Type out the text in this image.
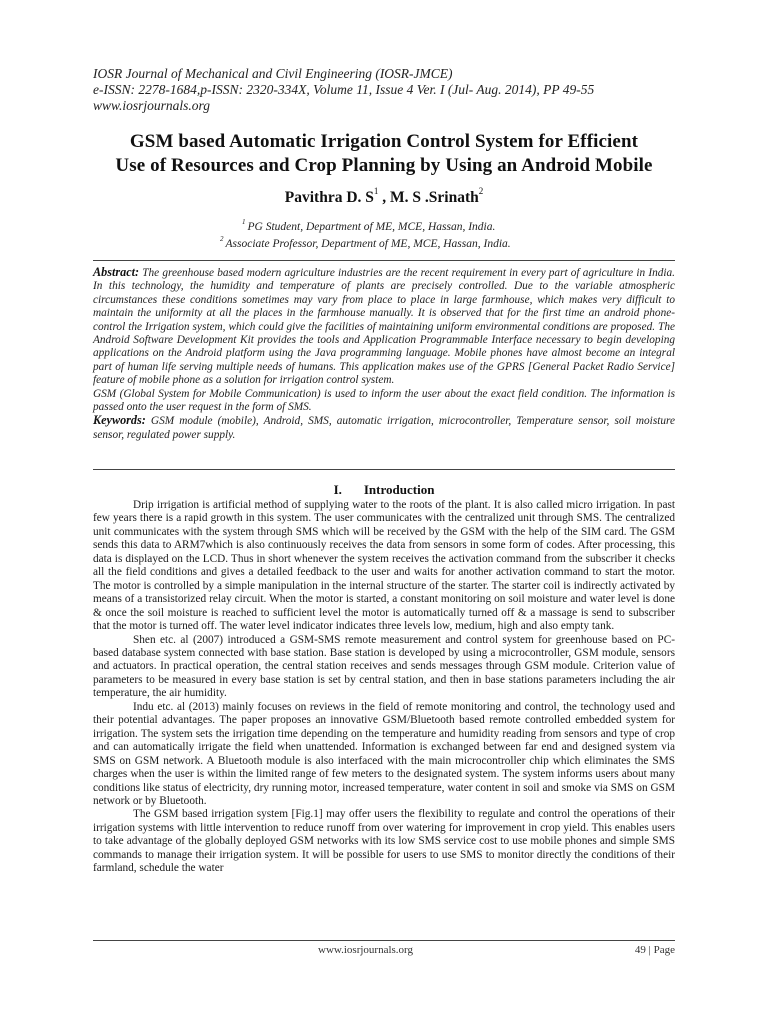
IOSR Journal of Mechanical and Civil Engineering (IOSR-JMCE)
e-ISSN: 2278-1684,p-ISSN: 2320-334X, Volume 11, Issue 4 Ver. I (Jul- Aug. 2014), PP 49-55
www.iosrjournals.org
GSM based Automatic Irrigation Control System for Efficient
Use of Resources and Crop Planning by Using an Android Mobile
Pavithra D. $S^1$ , M. S .Srinath$^2$
$^1$ PG Student, Department of ME, MCE, Hassan, India.
$^2$ Associate Professor, Department of ME, MCE, Hassan, India.

Abstract: The greenhouse based modern agriculture industries are the recent requirement in every part of agriculture in India. In this technology, the humidity and temperature of plants are precisely controlled. Due to the variable atmospheric circumstances these conditions sometimes may vary from place to place in large farmhouse, which makes very difficult to maintain the uniformity at all the places in the farmhouse manually. It is observed that for the first time an android phone-control the Irrigation system, which could give the facilities of maintaining uniform environmental conditions are proposed. The Android Software Development Kit provides the tools and Application Programmable Interface necessary to begin developing applications on the Android platform using the Java programming language. Mobile phones have almost become an integral part of human life serving multiple needs of humans. This application makes use of the GPRS [General Packet Radio Service] feature of mobile phone as a solution for irrigation control system.

GSM (Global System for Mobile Communication) is used to inform the user about the exact field condition. The information is passed onto the user request in the form of SMS.

Keywords: GSM module (mobile), Android, SMS, automatic irrigation, microcontroller, Temperature sensor, soil moisture sensor, regulated power supply.

I. Introduction

Drip irrigation is artificial method of supplying water to the roots of the plant. It is also called micro irrigation. In past few years there is a rapid growth in this system. The user communicates with the centralized unit through SMS. The centralized unit communicates with the system through SMS which will be received by the GSM with the help of the SIM card. The GSM sends this data to ARM7which is also continuously receives the data from sensors in some form of codes. After processing, this data is displayed on the LCD. Thus in short whenever the system receives the activation command from the subscriber it checks all the field conditions and gives a detailed feedback to the user and waits for another activation command to start the motor. The motor is controlled by a simple manipulation in the internal structure of the starter. The starter coil is indirectly activated by means of a transistorized relay circuit. When the motor is started, a constant monitoring on soil moisture and water level is done & once the soil moisture is reached to sufficient level the motor is automatically turned off & a massage is send to subscriber that the motor is turned off. The water level indicator indicates three levels low, medium, high and also empty tank.

Shen etc. al (2007) introduced a GSM-SMS remote measurement and control system for greenhouse based on PC-based database system connected with base station. Base station is developed by using a microcontroller, GSM module, sensors and actuators. In practical operation, the central station receives and sends messages through GSM module. Criterion value of parameters to be measured in every base station is set by central station, and then in base stations parameters including the air temperature, the air humidity.

Indu etc. al (2013) mainly focuses on reviews in the field of remote monitoring and control, the technology used and their potential advantages. The paper proposes an innovative GSM/Bluetooth based remote controlled embedded system for irrigation. The system sets the irrigation time depending on the temperature and humidity reading from sensors and type of crop and can automatically irrigate the field when unattended. Information is exchanged between far end and designed system via SMS on GSM network. A Bluetooth module is also interfaced with the main microcontroller chip which eliminates the SMS charges when the user is within the limited range of few meters to the designated system. The system informs users about many conditions like status of electricity, dry running motor, increased temperature, water content in soil and smoke via SMS on GSM network or by Bluetooth.

The GSM based irrigation system [Fig.1] may offer users the flexibility to regulate and control the operations of their irrigation systems with little intervention to reduce runoff from over watering for improvement in crop yield. This enables users to take advantage of the globally deployed GSM networks with its low SMS service cost to use mobile phones and simple SMS commands to manage their irrigation system. It will be possible for users to use SMS to monitor directly the conditions of their farmland, schedule the water

www.iosrjournals.org	49 | Page
